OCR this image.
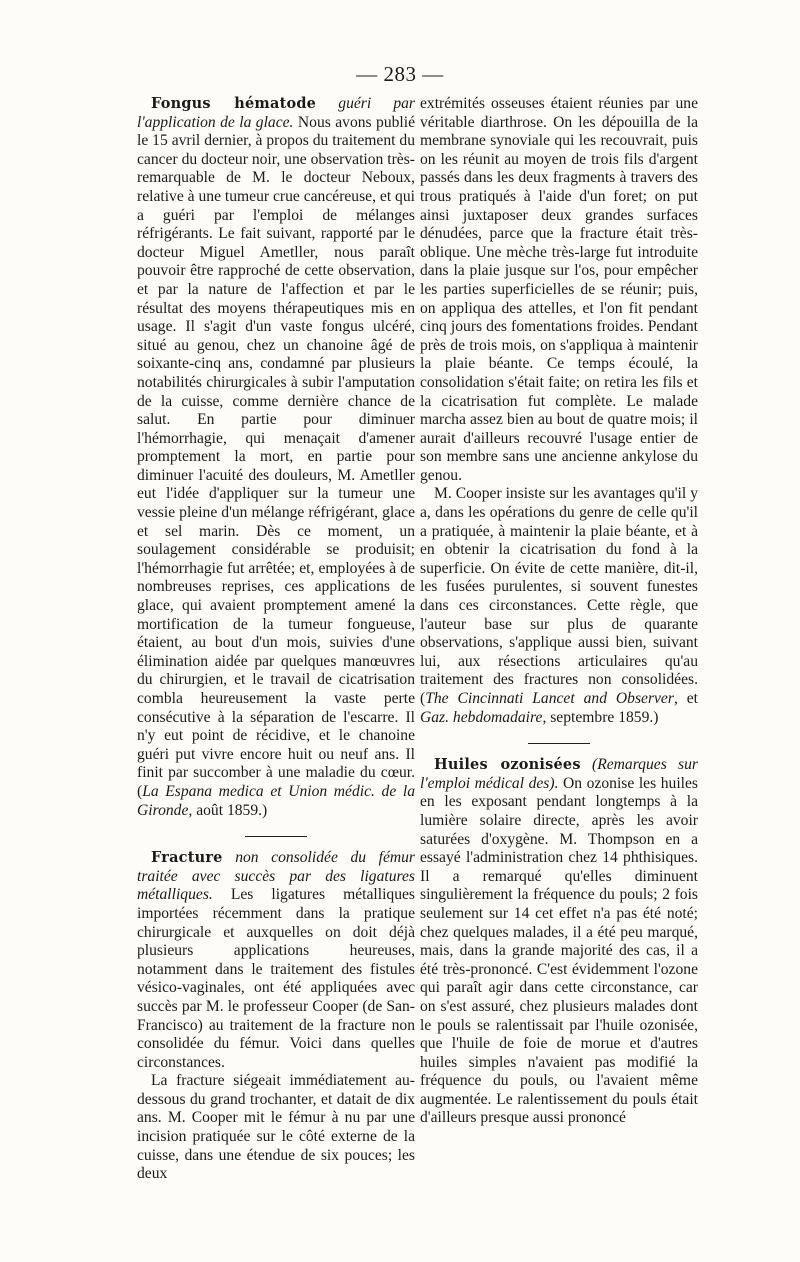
— 283 —

Fongus hématode guéri par l'application de la glace. Nous avons publié le 15 avril dernier, à propos du traitement du cancer du docteur noir, une observation très-remarquable de M. le docteur Neboux, relative à une tumeur crue cancéreuse, et qui a guéri par l'emploi de mélanges réfrigérants. Le fait suivant, rapporté par le docteur Miguel Ametller, nous paraît pouvoir être rapproché de cette observation, et par la nature de l'affection et par le résultat des moyens thérapeutiques mis en usage. Il s'agit d'un vaste fongus ulcéré, situé au genou, chez un chanoine âgé de soixante-cinq ans, condamné par plusieurs notabilités chirurgicales à subir l'amputation de la cuisse, comme dernière chance de salut. En partie pour diminuer l'hémorrhagie, qui menaçait d'amener promptement la mort, en partie pour diminuer l'acuité des douleurs, M. Ametller eut l'idée d'appliquer sur la tumeur une vessie pleine d'un mélange réfrigérant, glace et sel marin. Dès ce moment, un soulagement considérable se produisit; l'hémorrhagie fut arrêtée; et, employées à de nombreuses reprises, ces applications de glace, qui avaient promptement amené la mortification de la tumeur fongueuse, étaient, au bout d'un mois, suivies d'une élimination aidée par quelques manœuvres du chirurgien, et le travail de cicatrisation combla heureusement la vaste perte consécutive à la séparation de l'escarre. Il n'y eut point de récidive, et le chanoine guéri put vivre encore huit ou neuf ans. Il finit par succomber à une maladie du cœur. (La Espana medica et Union médic. de la Gironde, août 1859.)

Fracture non consolidée du fémur traitée avec succès par des ligatures métalliques. Les ligatures métalliques importées récemment dans la pratique chirurgicale et auxquelles on doit déjà plusieurs applications heureuses, notamment dans le traitement des fistules vésico-vaginales, ont été appliquées avec succès par M. le professeur Cooper (de San-Francisco) au traitement de la fracture non consolidée du fémur. Voici dans quelles circonstances.

La fracture siégeait immédiatement au-dessous du grand trochanter, et datait de dix ans. M. Cooper mit le fémur à nu par une incision pratiquée sur le côté externe de la cuisse, dans une étendue de six pouces; les deux

extrémités osseuses étaient réunies par une véritable diarthrose. On les dépouilla de la membrane synoviale qui les recouvrait, puis on les réunit au moyen de trois fils d'argent passés dans les deux fragments à travers des trous pratiqués à l'aide d'un foret; on put ainsi juxtaposer deux grandes surfaces dénudées, parce que la fracture était très-oblique. Une mèche très-large fut introduite dans la plaie jusque sur l'os, pour empêcher les parties superficielles de se réunir; puis, on appliqua des attelles, et l'on fit pendant cinq jours des fomentations froides. Pendant près de trois mois, on s'appliqua à maintenir la plaie béante. Ce temps écoulé, la consolidation s'était faite; on retira les fils et la cicatrisation fut complète. Le malade marcha assez bien au bout de quatre mois; il aurait d'ailleurs recouvré l'usage entier de son membre sans une ancienne ankylose du genou.

M. Cooper insiste sur les avantages qu'il y a, dans les opérations du genre de celle qu'il a pratiquée, à maintenir la plaie béante, et à en obtenir la cicatrisation du fond à la superficie. On évite de cette manière, dit-il, les fusées purulentes, si souvent funestes dans ces circonstances. Cette règle, que l'auteur base sur plus de quarante observations, s'applique aussi bien, suivant lui, aux résections articulaires qu'au traitement des fractures non consolidées. (The Cincinnati Lancet and Observer, et Gaz. hebdomadaire, septembre 1859.)

Huiles ozonisées (Remarques sur l'emploi médical des). On ozonise les huiles en les exposant pendant longtemps à la lumière solaire directe, après les avoir saturées d'oxygène. M. Thompson en a essayé l'administration chez 14 phthisiques. Il a remarqué qu'elles diminuent singulièrement la fréquence du pouls; 2 fois seulement sur 14 cet effet n'a pas été noté; chez quelques malades, il a été peu marqué, mais, dans la grande majorité des cas, il a été très-prononcé. C'est évidemment l'ozone qui paraît agir dans cette circonstance, car on s'est assuré, chez plusieurs malades dont le pouls se ralentissait par l'huile ozonisée, que l'huile de foie de morue et d'autres huiles simples n'avaient pas modifié la fréquence du pouls, ou l'avaient même augmentée. Le ralentissement du pouls était d'ailleurs presque aussi prononcé
